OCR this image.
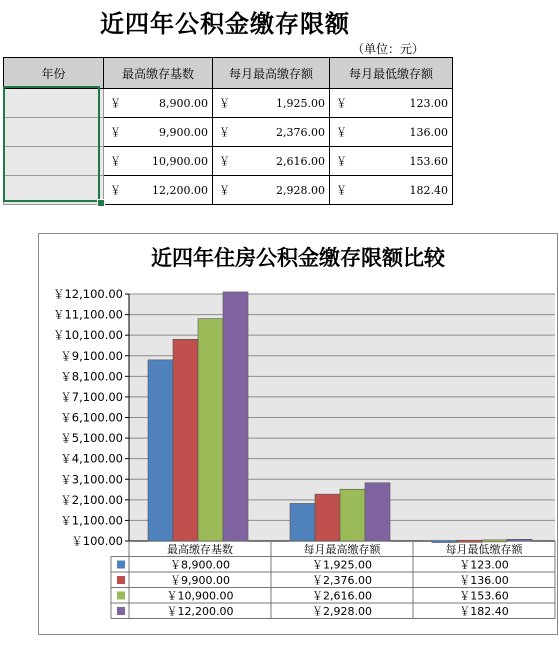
近四年公积金缴存限额
（单位：元）
年份	最高缴存基数		每月最高缴存额		每月最低缴存额	
	￥	8,900.00	￥	1,925.00	￥	123.00
	￥	9,900.00	￥	2,376.00	￥	136.00
	￥	10,900.00	￥	2,616.00	￥	153.60
	￥	12,200.00	￥	2,928.00	￥	182.40
近四年住房公积金缴存限额比较
￥12,100.00
￥11,100.00
￥10,100.00
￥9,100.00
￥8,100.00
￥7,100.00
￥6,100.00
￥5,100.00
￥4,100.00
￥3,100.00
￥2,100.00
￥1,100.00
￥100.00
最高缴存基数	每月最高缴存额	每月最低缴存额
￥8,900.00	￥1,925.00	￥123.00
￥9,900.00	￥2,376.00	￥136.00
￥10,900.00	￥2,616.00	￥153.60
￥12,200.00	￥2,928.00	￥182.40
